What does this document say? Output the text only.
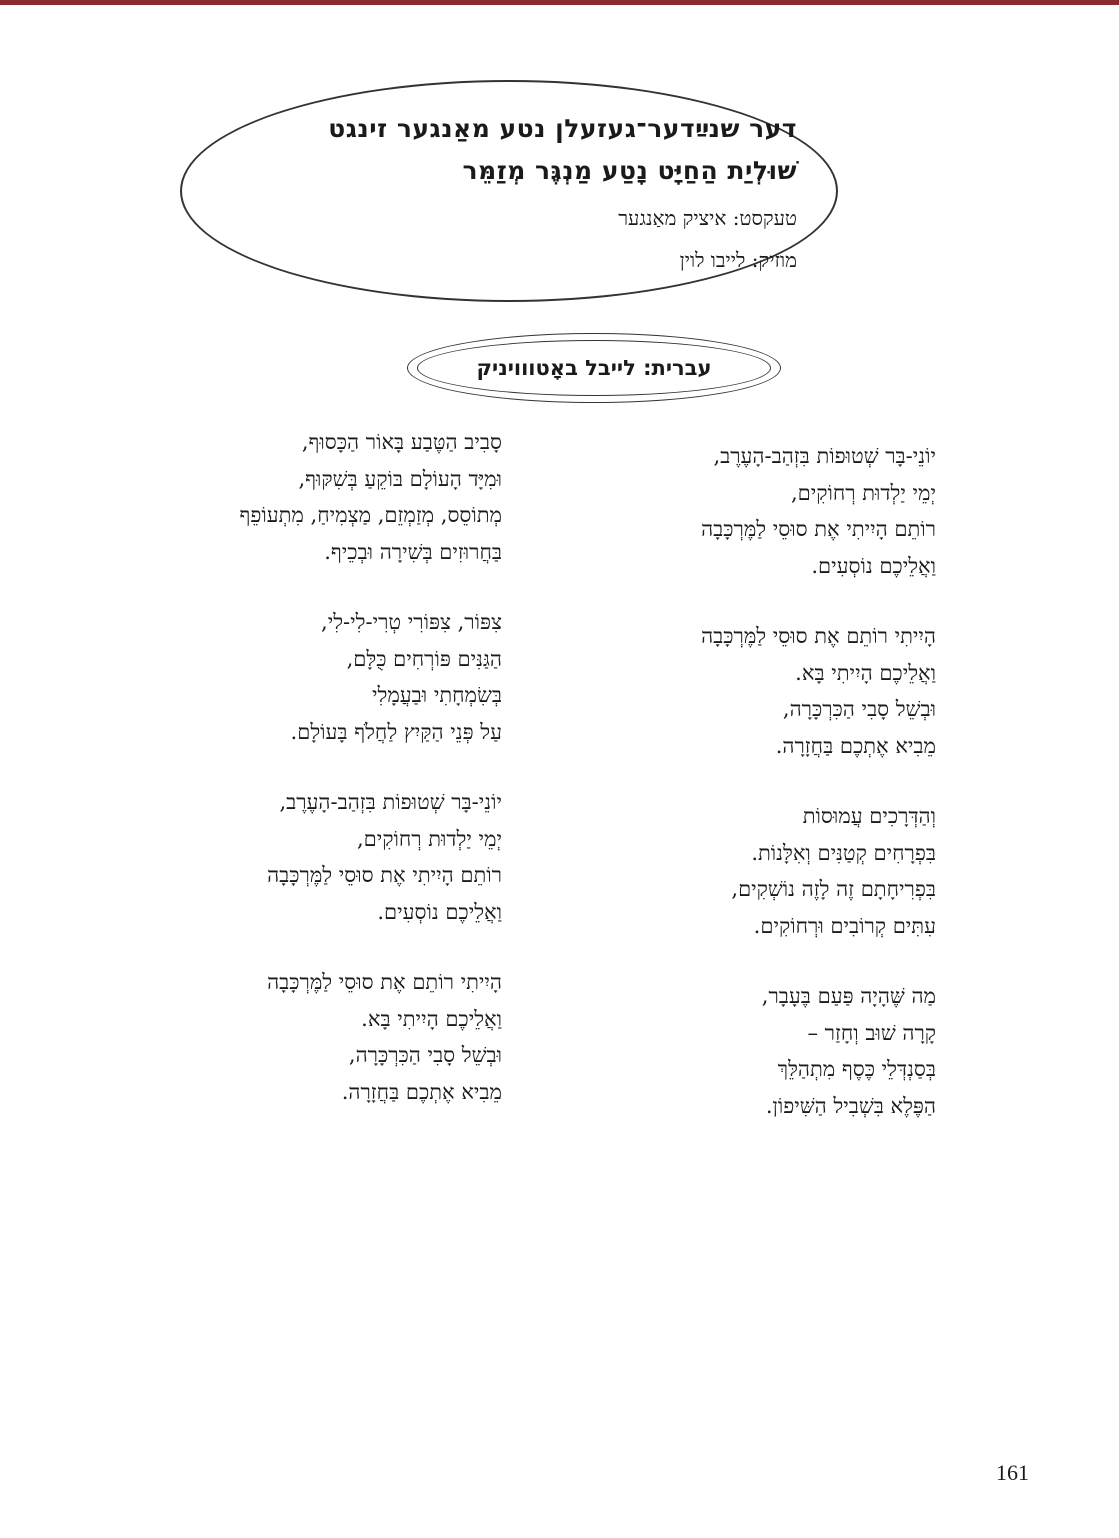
דער שנײַדער־געזעלן נטע מאַנגער זינגט
שׁוּלְיַת הַחַיָּט נָטַע מַנְגֶּר מְזַמֵּר
טעקסט: איציק מאַנגער
מוזיק: לייבו לוין
עברית: לייבל באָטווויניק
יוֹנֵי-בָּר שְׁטוּפוֹת בִּזְהַב-הָעֶרֶב,
יְמֵי יַלְדוּת רְחוֹקִים,
רוֹתֵם הָיִיתִי אֶת סוּסֵי לַמֶּרְכָּבָה
וַאֲלֵיכֶם נוֹסְעִים.
הָיִיתִי רוֹתֵם אֶת סוּסֵי לַמֶּרְכָּבָה
וַאֲלֵיכֶם הָיִיתִי בָּא.
וּבְשֵׁל סָבִי הַכִּרְכָּרָה,
מֵבִיא אֶתְכֶם בַּחֲזָרָה.
וְהַדְּרָכִים עֲמוּסוֹת
בִּפְרָחִים קְטַנִּים וְאִלָּנוֹת.
בִּפְרִיחָתָם זֶה לָזֶה נוֹשְׁקִים,
עִתִּים קְרוֹבִים וּרְחוֹקִים.
מַה שֶּׁהָיָה פַּעַם בֶּעָבָר,
קָרָה שׁוּב וְחָזַר –
בְּסַנְדְּלֵי כֶּסֶף מִתְהַלֵּךְ
הַפֶּלֶא בִּשְׁבִיל הַשִּׁיפוֹן.
סָבִיב הַטֶּבַע בָּאוֹר הַכָּסוּף,
וּמִיָּד הָעוֹלָם בּוֹקֵעַ בְּשִׁקּוּף,
מְתוֹסֵס, מְזַמְזֵם, מַצְמִיחַ, מִתְעוֹפֵף
בַּחֲרוּזִים בְּשִׁירָה וּבְכֵיף.
צִפּוֹר, צִפּוֹרִי טְרִי-לִי-לִי,
הַגַּנִּים פּוֹרְחִים כֻּלָּם,
בְּשִׂמְחָתִי וּבַעֲמָלִי
עַל פְּנֵי הַקַּיִץ לַחֲלֹף בָּעוֹלָם.
יוֹנֵי-בָּר שְׁטוּפוֹת בִּזְהַב-הָעֶרֶב,
יְמֵי יַלְדוּת רְחוֹקִים,
רוֹתֵם הָיִיתִי אֶת סוּסֵי לַמֶּרְכָּבָה
וַאֲלֵיכֶם נוֹסְעִים.
הָיִיתִי רוֹתֵם אֶת סוּסֵי לַמֶּרְכָּבָה
וַאֲלֵיכֶם הָיִיתִי בָּא.
וּבְשֵׁל סָבִי הַכִּרְכָּרָה,
מֵבִיא אֶתְכֶם בַּחֲזָרָה.
161
